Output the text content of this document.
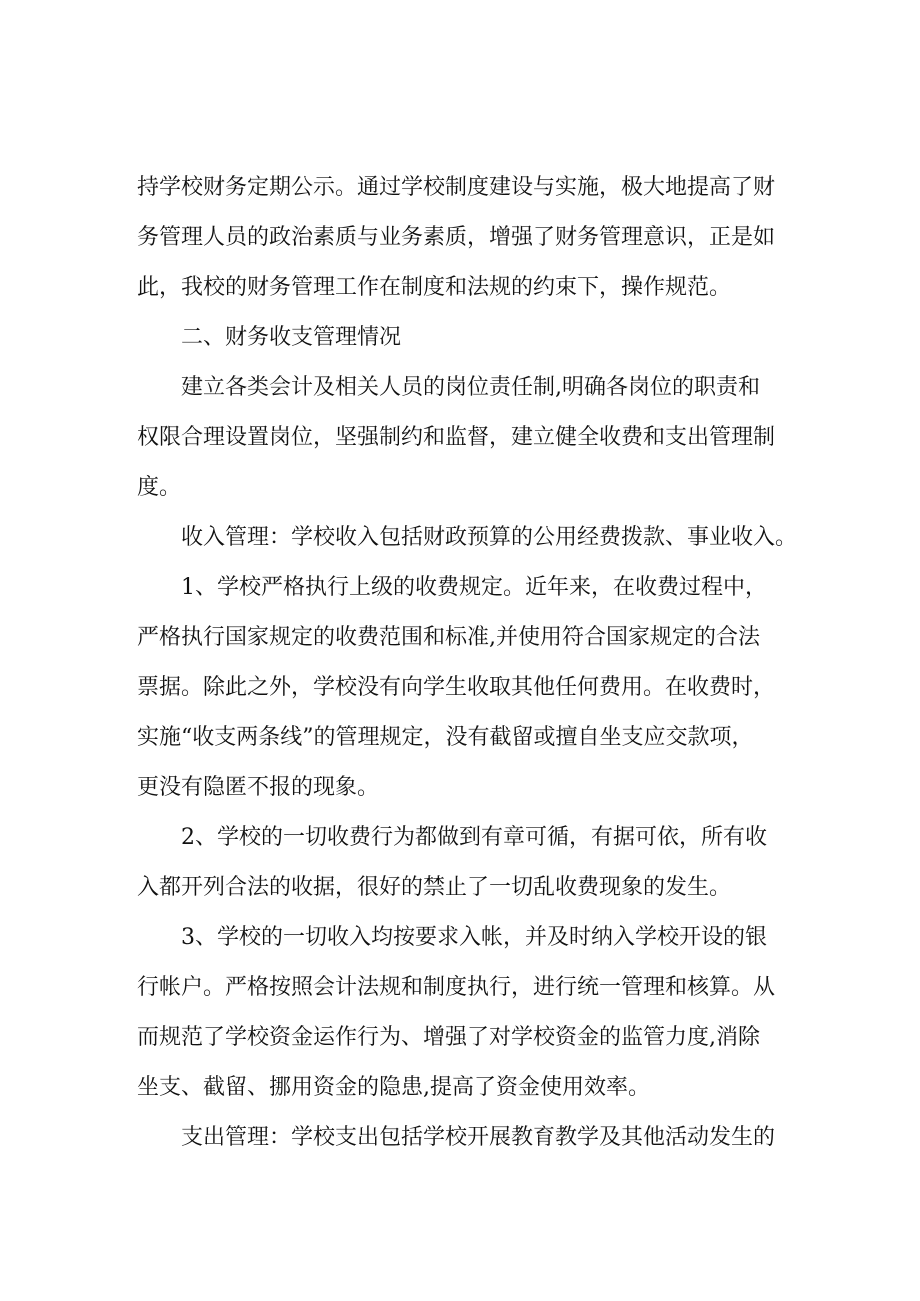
持学校财务定期公示。通过学校制度建设与实施，极大地提高了财
务管理人员的政治素质与业务素质，增强了财务管理意识，正是如
此，我校的财务管理工作在制度和法规的约束下，操作规范。
二、财务收支管理情况
建立各类会计及相关人员的岗位责任制,明确各岗位的职责和
权限合理设置岗位，坚强制约和监督，建立健全收费和支出管理制
度。
收入管理：学校收入包括财政预算的公用经费拨款、事业收入。
1、学校严格执行上级的收费规定。近年来，在收费过程中，
严格执行国家规定的收费范围和标准,并使用符合国家规定的合法
票据。除此之外，学校没有向学生收取其他任何费用。在收费时，
实施“收支两条线”的管理规定，没有截留或擅自坐支应交款项，
更没有隐匿不报的现象。
2、学校的一切收费行为都做到有章可循，有据可依，所有收
入都开列合法的收据，很好的禁止了一切乱收费现象的发生。
3、学校的一切收入均按要求入帐，并及时纳入学校开设的银
行帐户。严格按照会计法规和制度执行，进行统一管理和核算。从
而规范了学校资金运作行为、增强了对学校资金的监管力度,消除
坐支、截留、挪用资金的隐患,提高了资金使用效率。
支出管理：学校支出包括学校开展教育教学及其他活动发生的
